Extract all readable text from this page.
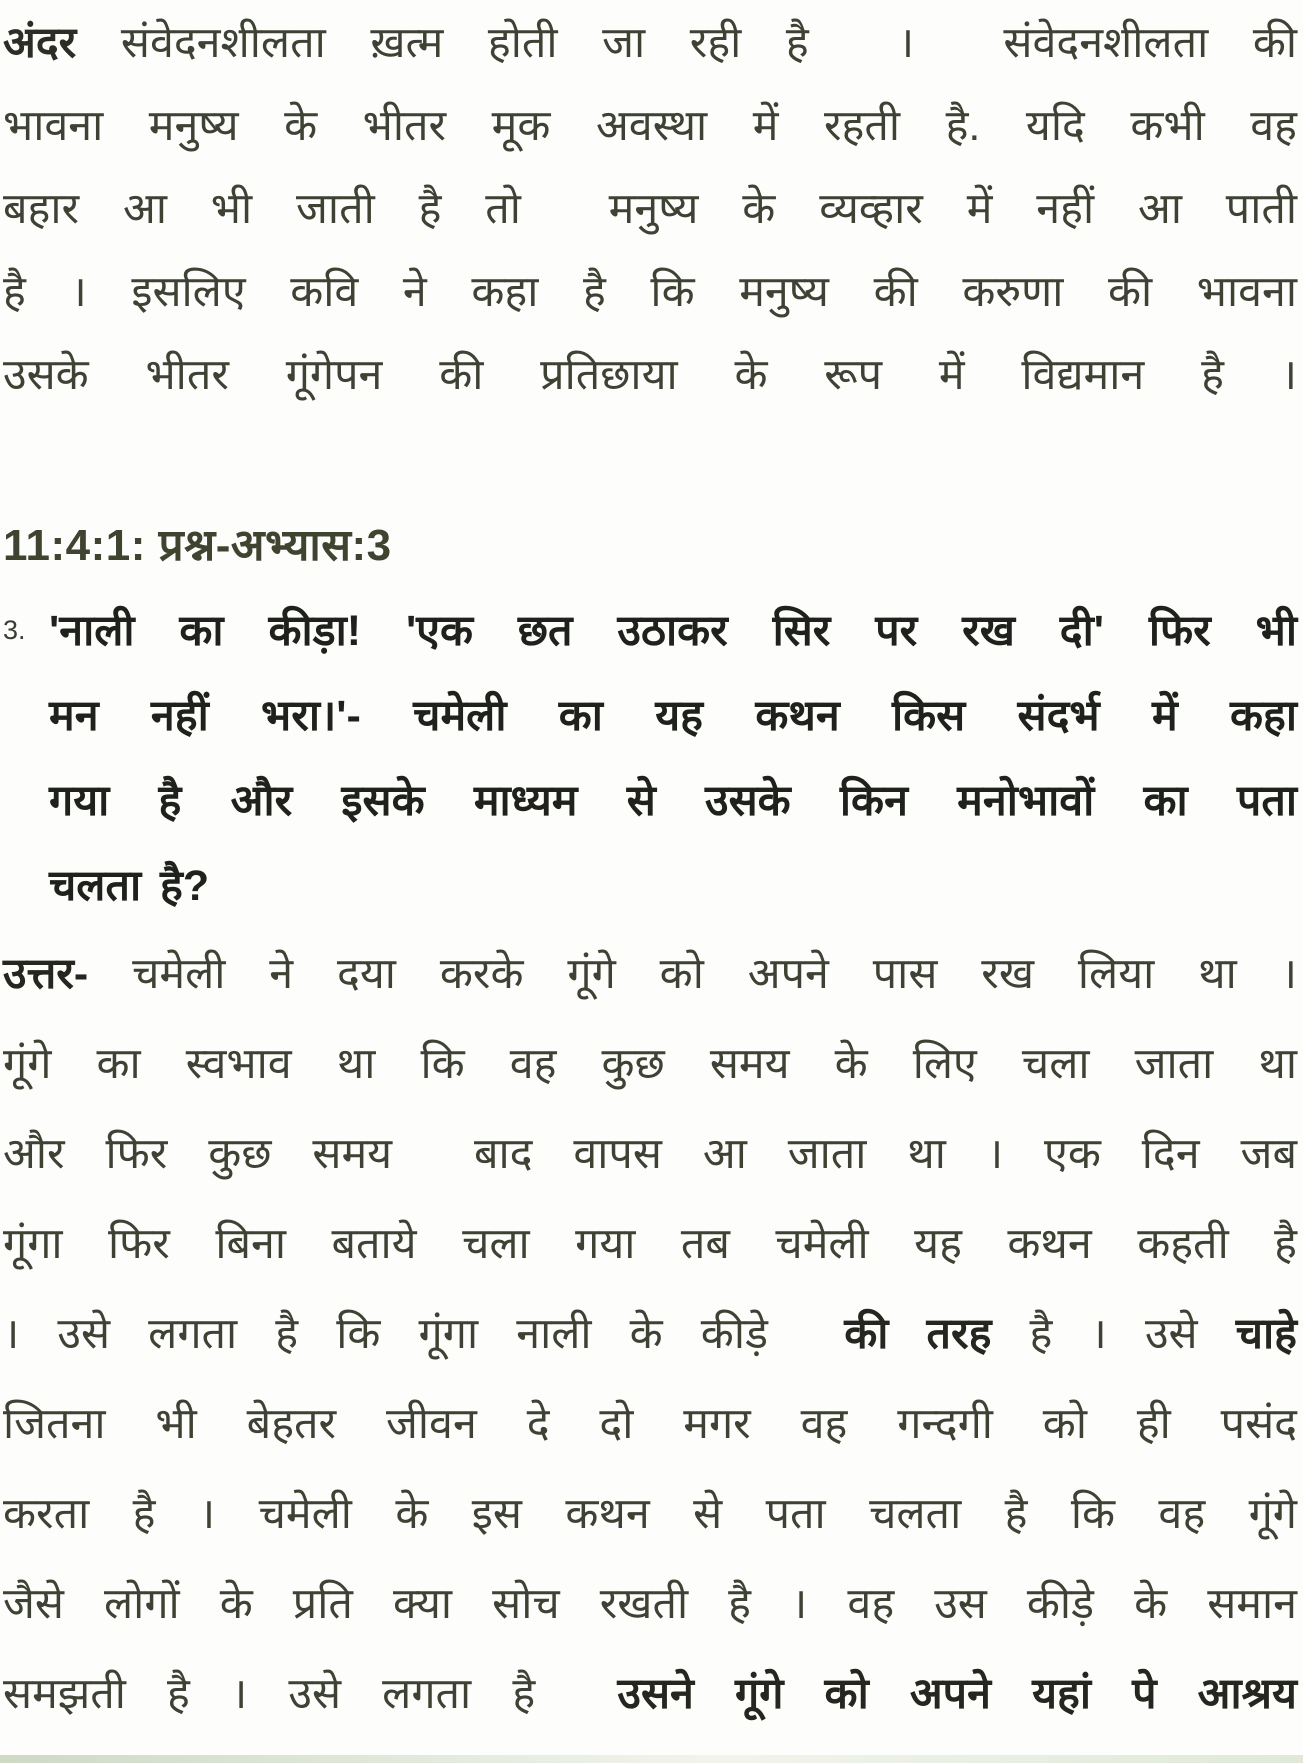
अंदर संवेदनशीलता ख़त्म होती जा रही है  ।  संवेदनशीलता की
भावना मनुष्य के भीतर मूक अवस्था में रहती है. यदि कभी वह
बहार आ भी जाती है तो  मनुष्य के व्यव्हार में नहीं आ पाती
है । इसलिए कवि ने कहा है कि मनुष्य की करुणा की भावना
उसके भीतर गूंगेपन की प्रतिछाया के रूप में विद्यमान है ।
11:4:1: प्रश्न-अभ्यास:3
3. 'नाली का कीड़ा! 'एक छत उठाकर सिर पर रख दी' फिर भी
मन नहीं भरा।'- चमेली का यह कथन किस संदर्भ में कहा
गया है और इसके माध्यम से उसके किन मनोभावों का पता
चलता है?
उत्तर- चमेली ने दया करके गूंगे को अपने पास रख लिया था ।
गूंगे का स्वभाव था कि वह कुछ समय के लिए चला जाता था
और फिर कुछ समय  बाद वापस आ जाता था । एक दिन जब
गूंगा फिर बिना बताये चला गया तब चमेली यह कथन कहती है
। उसे लगता है कि गूंगा नाली के कीड़े  की तरह है । उसे चाहे
जितना भी बेहतर जीवन दे दो मगर वह गन्दगी को ही पसंद
करता है । चमेली के इस कथन से पता चलता है कि वह गूंगे
जैसे लोगों के प्रति क्या सोच रखती है । वह उस कीड़े के समान
समझती है । उसे लगता है  उसने गूंगे को अपने यहां पे आश्रय
